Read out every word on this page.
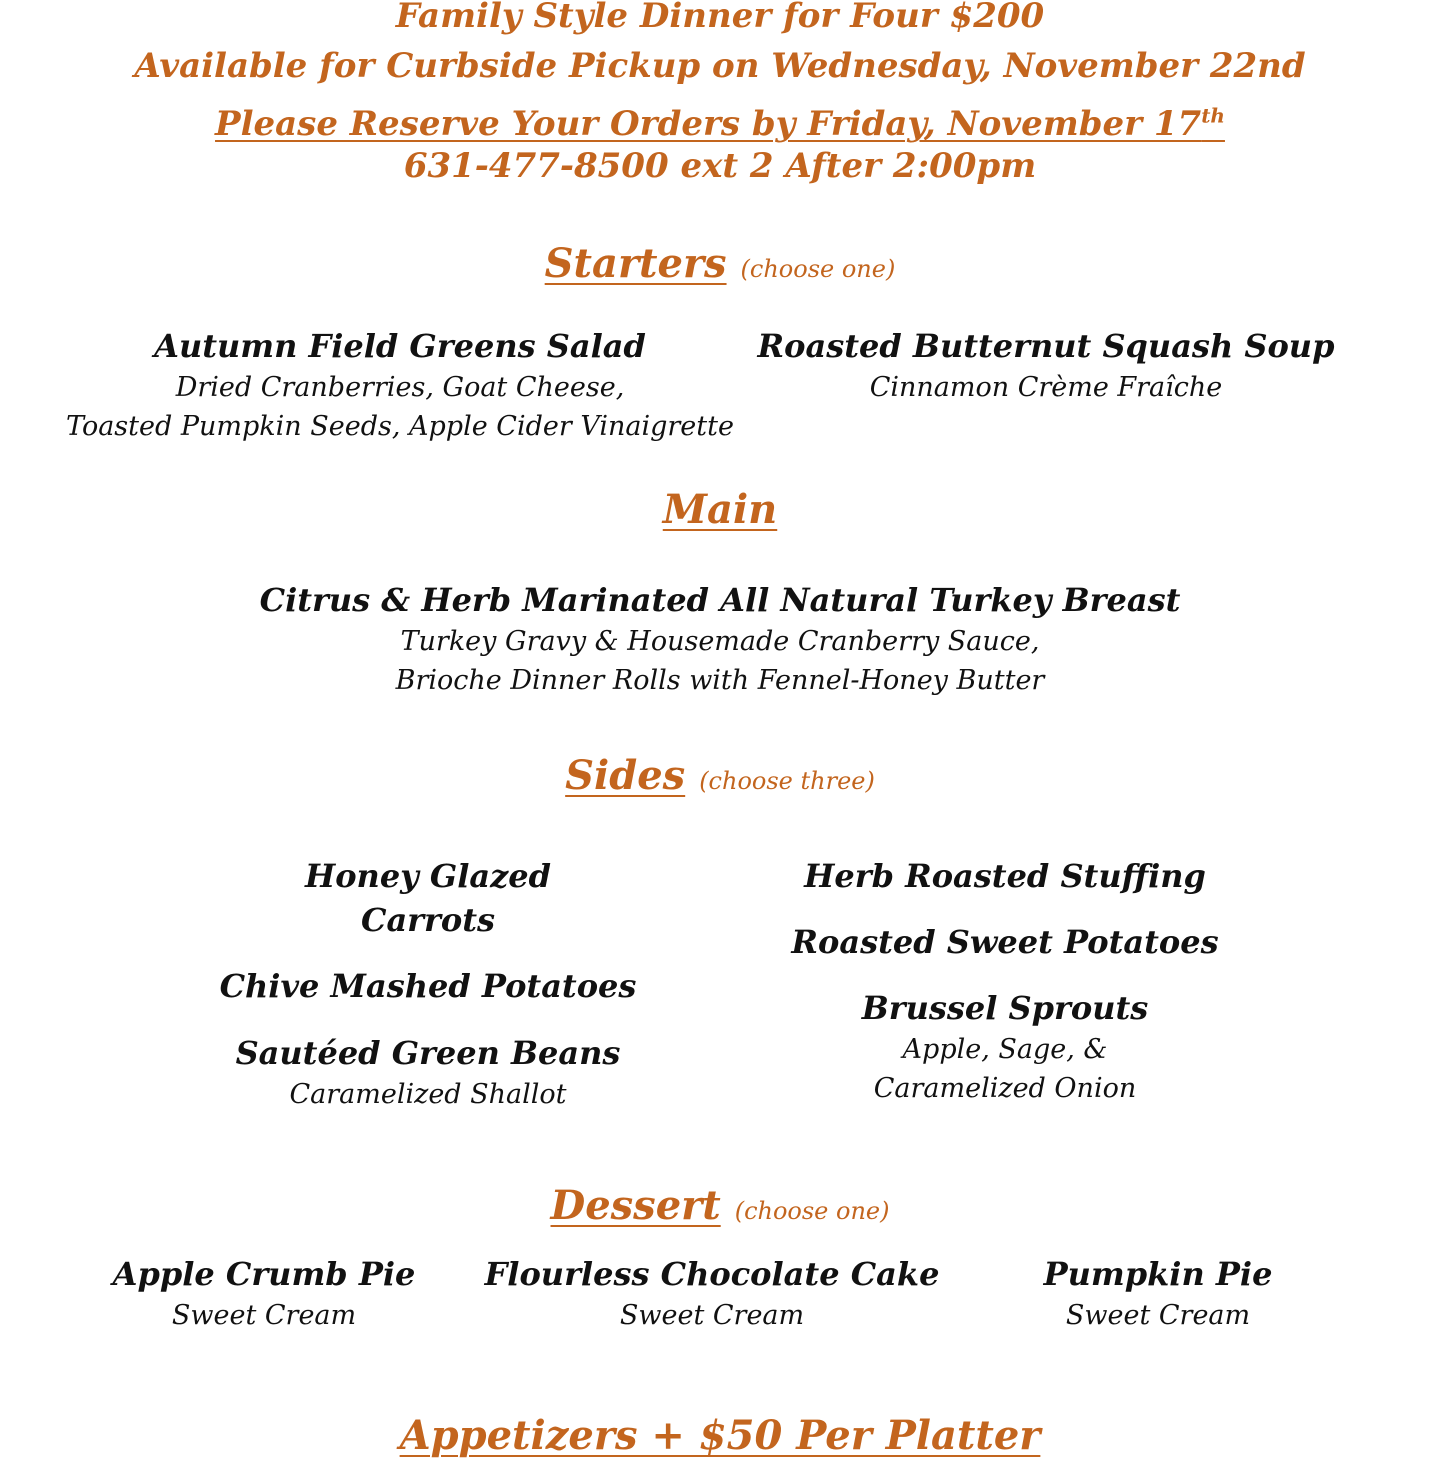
Family Style Dinner for Four $200
Available for Curbside Pickup on Wednesday, November 22nd
Please Reserve Your Orders by Friday, November 17th
631-477-8500 ext 2 After 2:00pm
Starters (choose one)
Autumn Field Greens Salad
Dried Cranberries, Goat Cheese,
Toasted Pumpkin Seeds, Apple Cider Vinaigrette
Roasted Butternut Squash Soup
Cinnamon Crème Fraîche
Main
Citrus & Herb Marinated All Natural Turkey Breast
Turkey Gravy & Housemade Cranberry Sauce,
Brioche Dinner Rolls with Fennel-Honey Butter
Sides (choose three)
Honey Glazed
Carrots
Chive Mashed Potatoes
Sautéed Green Beans
Caramelized Shallot
Herb Roasted Stuffing
Roasted Sweet Potatoes
Brussel Sprouts
Apple, Sage, &
Caramelized Onion
Dessert (choose one)
Apple Crumb Pie
Sweet Cream
Flourless Chocolate Cake
Sweet Cream
Pumpkin Pie
Sweet Cream
Appetizers + $50 Per Platter
